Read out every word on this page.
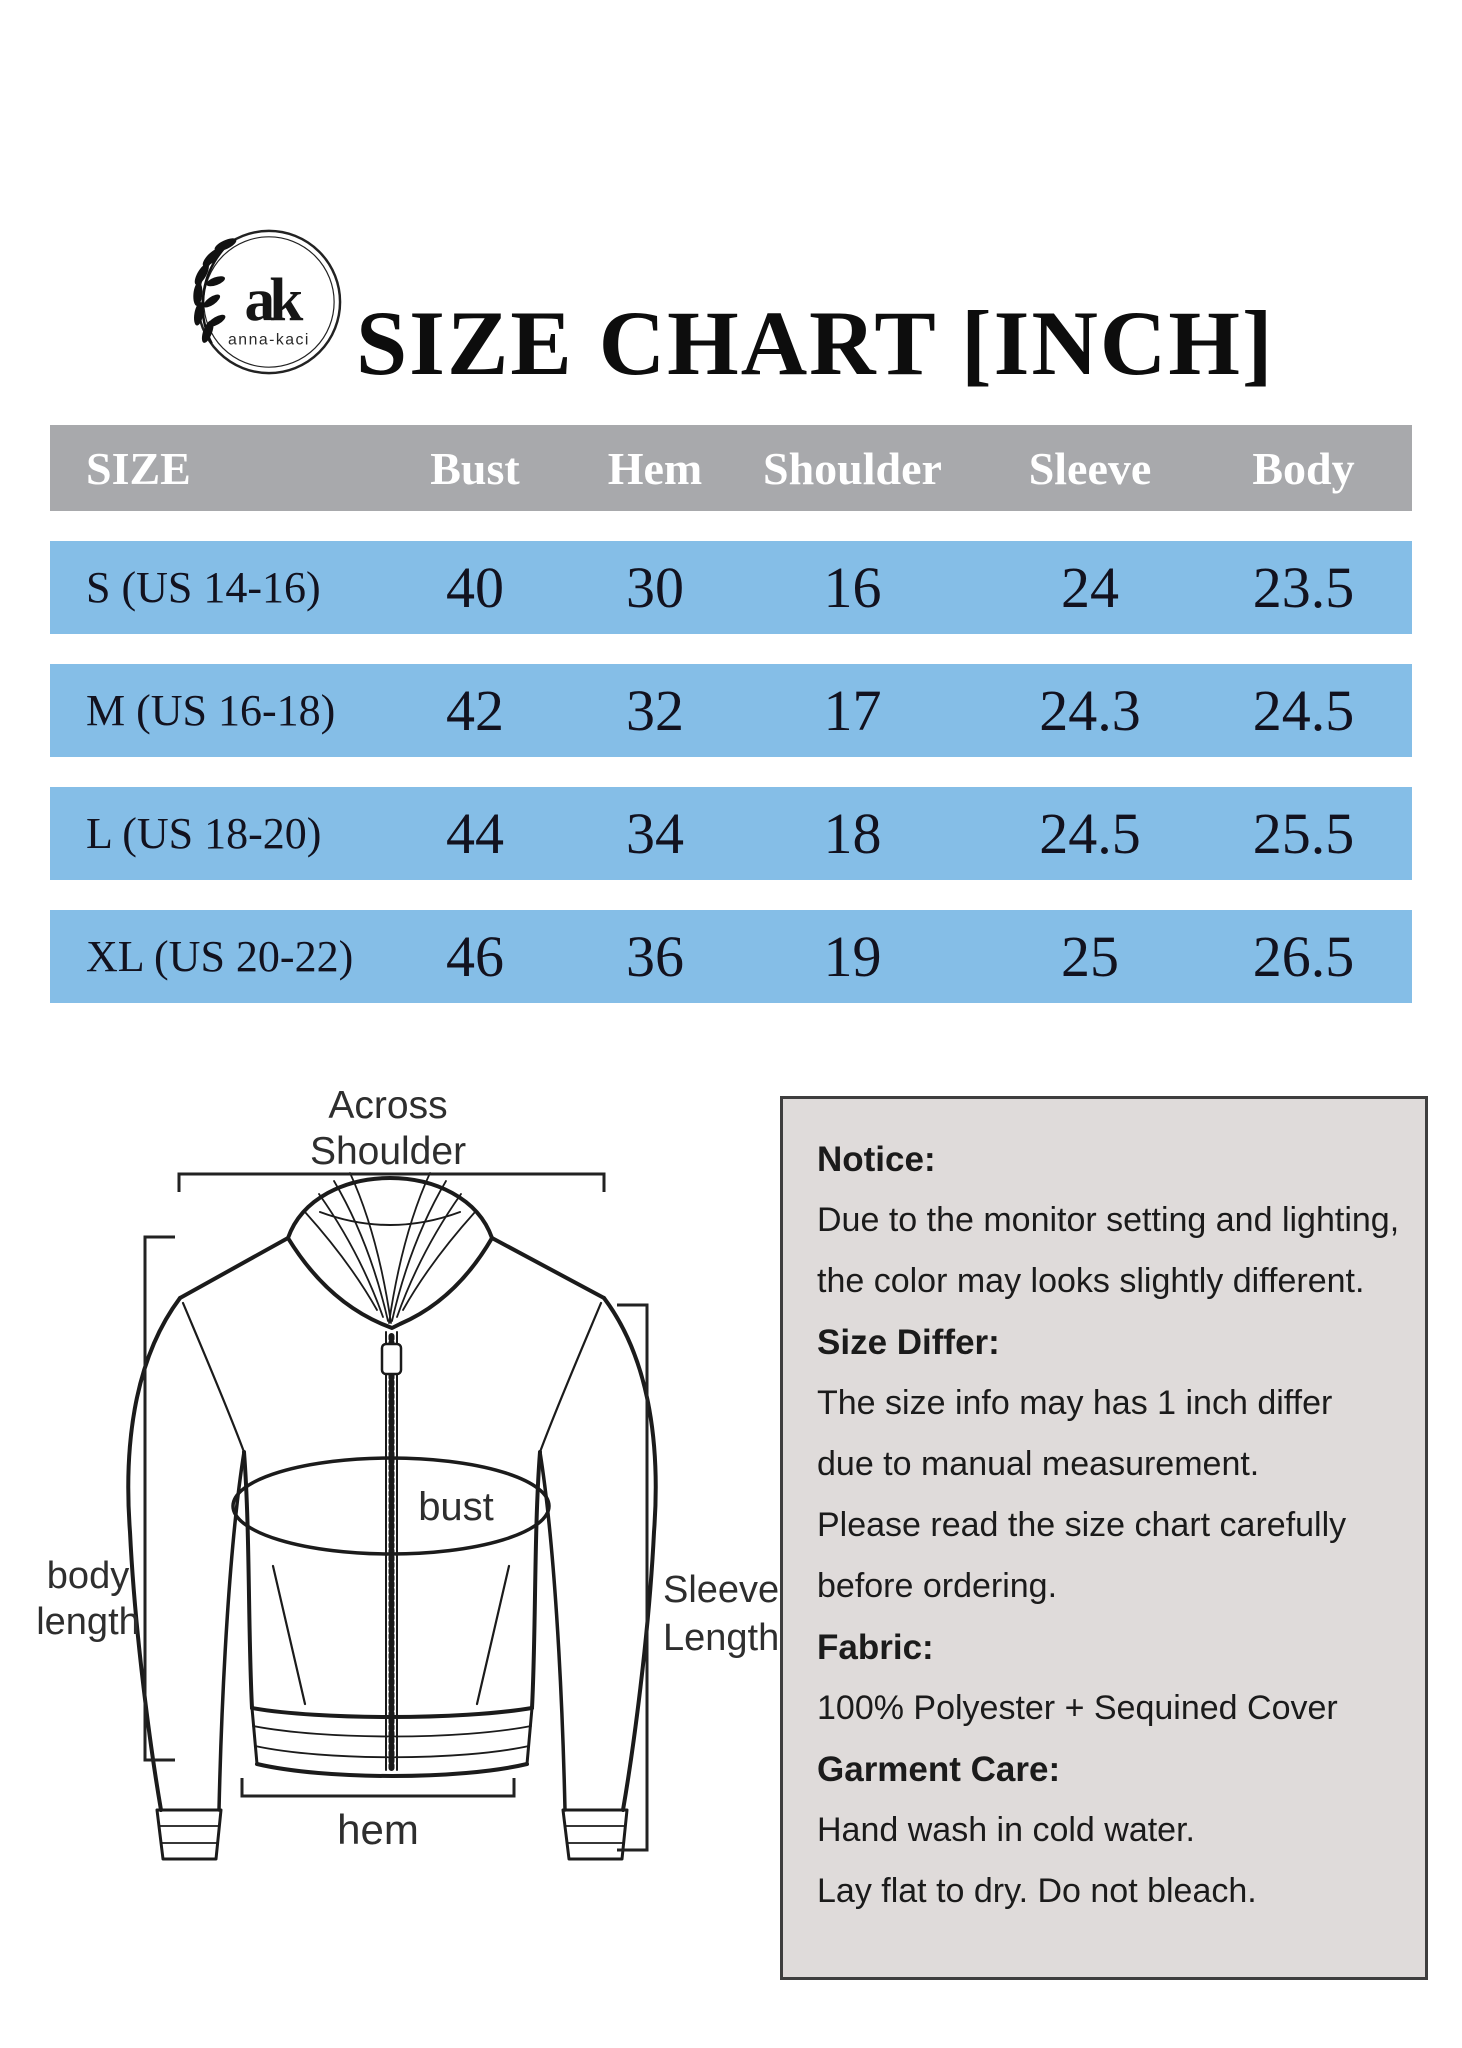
ak
anna-kaci SIZE CHART [INCH]
SIZE	Bust	Hem	Shoulder	Sleeve	Body
S (US 14-16)	40	30	16	24	23.5
M (US 16-18)	42	32	17	24.3	24.5
L (US 18-20)	44	34	18	24.5	25.5
XL (US 20-22)	46	36	19	25	26.5
Across
Shoulder
body
length
bust
Sleeve
Length
hem

Notice:

Due to the monitor setting and lighting,

the color may looks slightly different.

Size Differ:

The size info may has 1 inch differ

due to manual measurement.

Please read the size chart carefully

before ordering.

Fabric:

100% Polyester + Sequined Cover

Garment Care:

Hand wash in cold water.

Lay flat to dry. Do not bleach.
